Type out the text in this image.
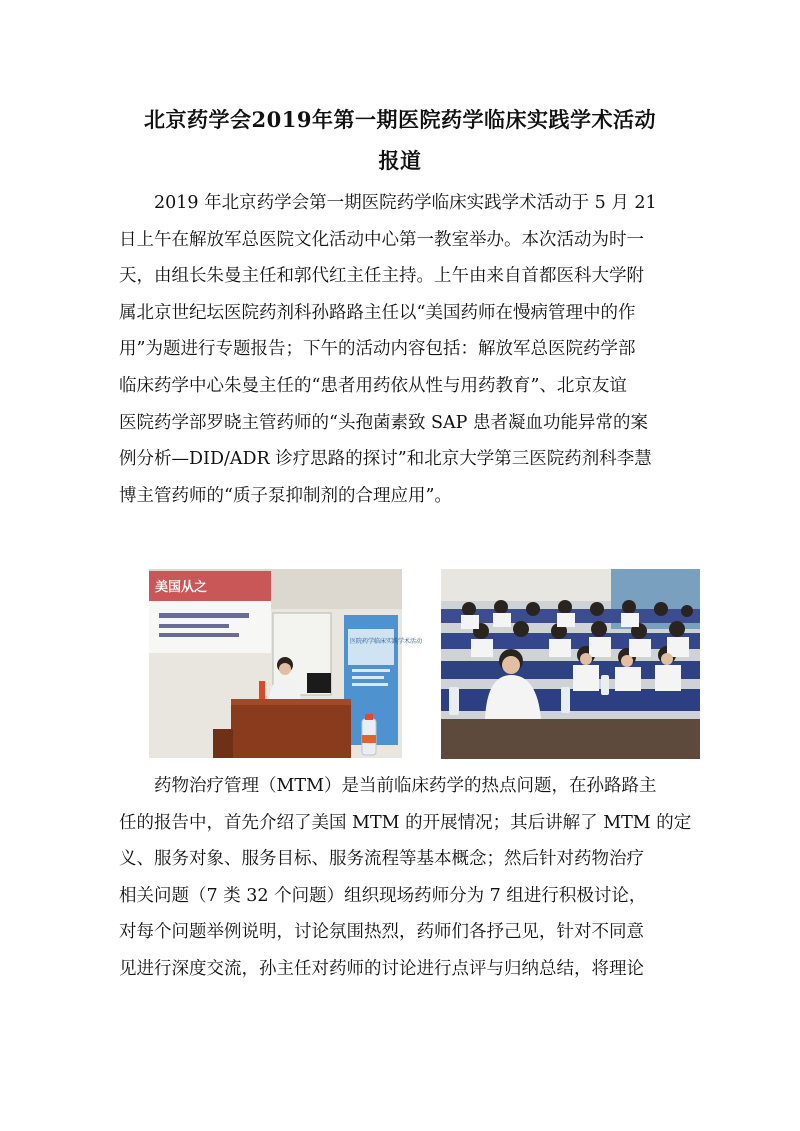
北京药学会2019年第一期医院药学临床实践学术活动
报道
2019 年北京药学会第一期医院药学临床实践学术活动于 5 月 21
日上午在解放军总医院文化活动中心第一教室举办。本次活动为时一
天，由组长朱曼主任和郭代红主任主持。上午由来自首都医科大学附
属北京世纪坛医院药剂科孙路路主任以“美国药师在慢病管理中的作
用”为题进行专题报告；下午的活动内容包括：解放军总医院药学部
临床药学中心朱曼主任的“患者用药依从性与用药教育”、北京友谊
医院药学部罗晓主管药师的“头孢菌素致 SAP 患者凝血功能异常的案
例分析—DID/ADR 诊疗思路的探讨”和北京大学第三医院药剂科李慧
博主管药师的“质子泵抑制剂的合理应用”。
美国从之
医院药学临床实践学术活动
药物治疗管理（MTM）是当前临床药学的热点问题，在孙路路主
任的报告中，首先介绍了美国 MTM 的开展情况；其后讲解了 MTM 的定
义、服务对象、服务目标、服务流程等基本概念；然后针对药物治疗
相关问题（7 类 32 个问题）组织现场药师分为 7 组进行积极讨论，
对每个问题举例说明，讨论氛围热烈，药师们各抒己见，针对不同意
见进行深度交流，孙主任对药师的讨论进行点评与归纳总结，将理论
